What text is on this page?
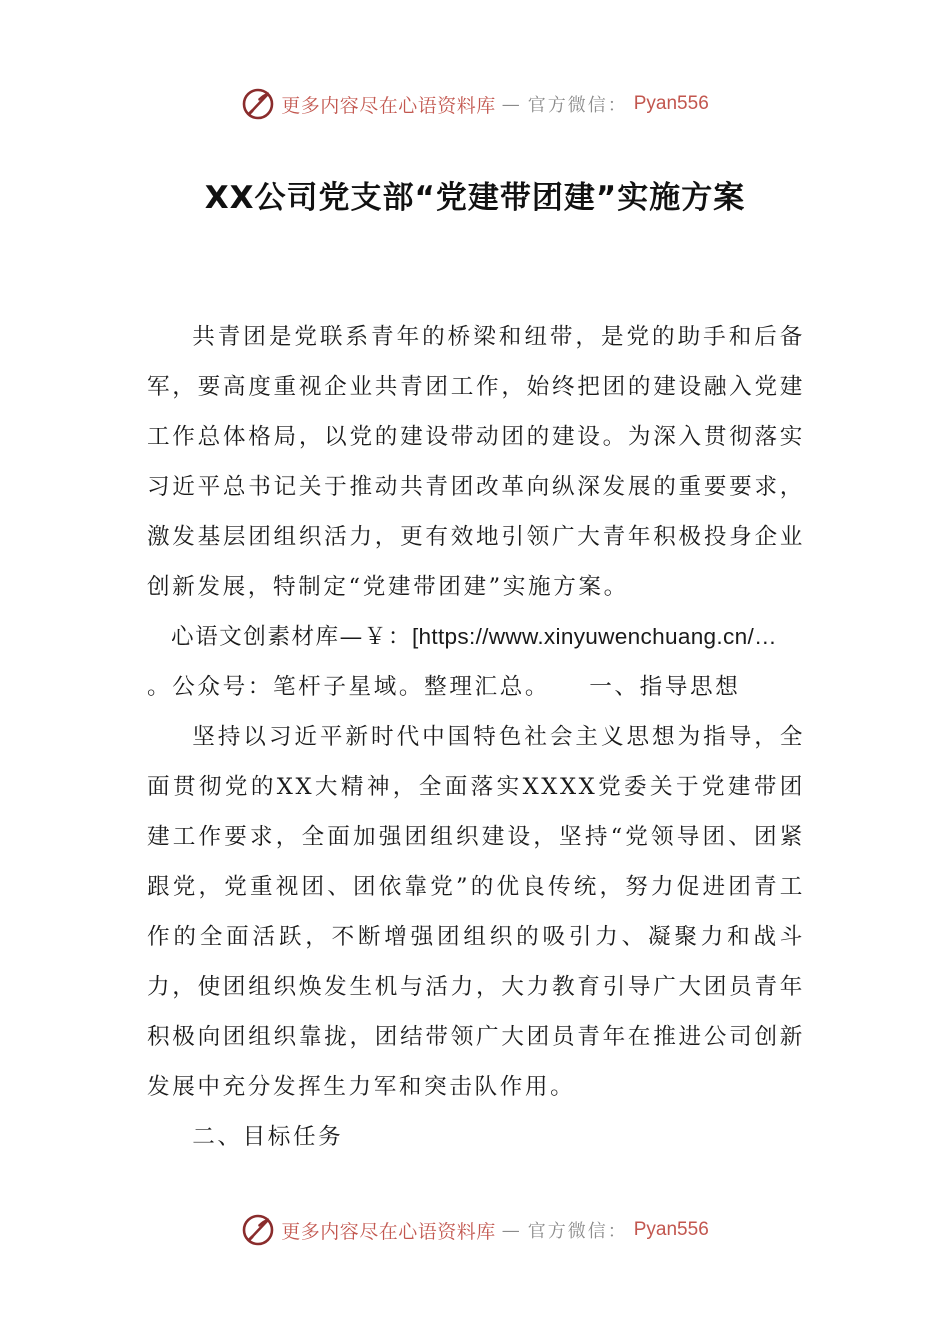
更多内容尽在心语资料库 — 官方微信： Pyan556
XX公司党支部“党建带团建”实施方案

共青团是党联系青年的桥梁和纽带，是党的助手和后备军，要高度重视企业共青团工作，始终把团的建设融入党建工作总体格局，以党的建设带动团的建设。为深入贯彻落实习近平总书记关于推动共青团改革向纵深发展的重要要求，激发基层团组织活力，更有效地引领广大青年积极投身企业创新发展，特制定“党建带团建”实施方案。

心语文创素材库—￥：[https://www.xinyuwenchuang.cn/…

。公众号：笔杆子星域。整理汇总。    一、指导思想

坚持以习近平新时代中国特色社会主义思想为指导，全面贯彻党的XX大精神，全面落实XXXX党委关于党建带团建工作要求，全面加强团组织建设，坚持“党领导团、团紧跟党，党重视团、团依靠党”的优良传统，努力促进团青工作的全面活跃，不断增强团组织的吸引力、凝聚力和战斗力，使团组织焕发生机与活力，大力教育引导广大团员青年积极向团组织靠拢，团结带领广大团员青年在推进公司创新发展中充分发挥生力军和突击队作用。

二、目标任务

更多内容尽在心语资料库 — 官方微信： Pyan556
